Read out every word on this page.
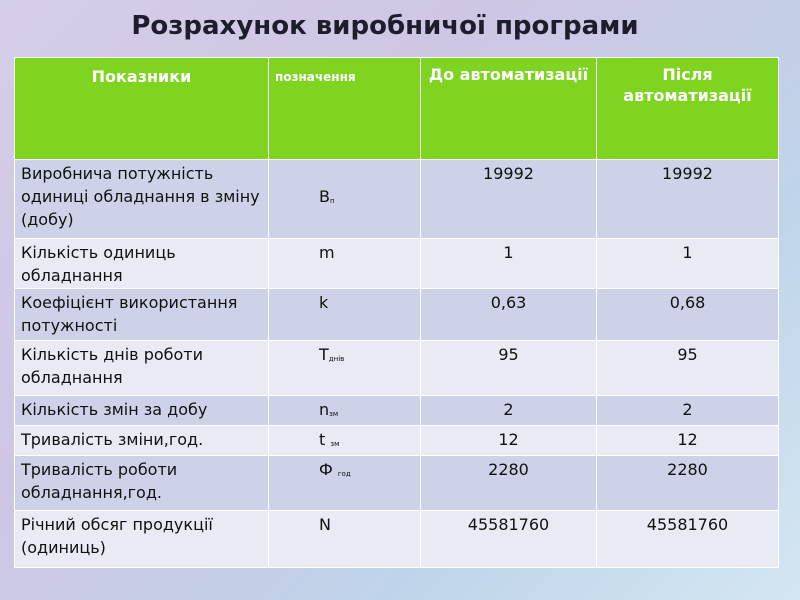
Розрахунок виробничої програми
Показники	позначення	До автоматизації	Після автоматизації
Виробнича потужність одиниці обладнання в зміну (добу)	$В_п$	19992	19992
Кількість одиниць обладнання	m	1	1
Коефіцієнт використання потужності	k	0,63	0,68
Кількість днів роботи обладнання	$Т_{днів}$	95	95
Кількість змін за добу	$n_{зм}$	2	2
Тривалість зміни,год.	t $_{зм}$	12	12
Тривалість роботи обладнання,год.	Ф $_{год}$	2280	2280
Річний обсяг продукції (одиниць)	N	45581760	45581760
